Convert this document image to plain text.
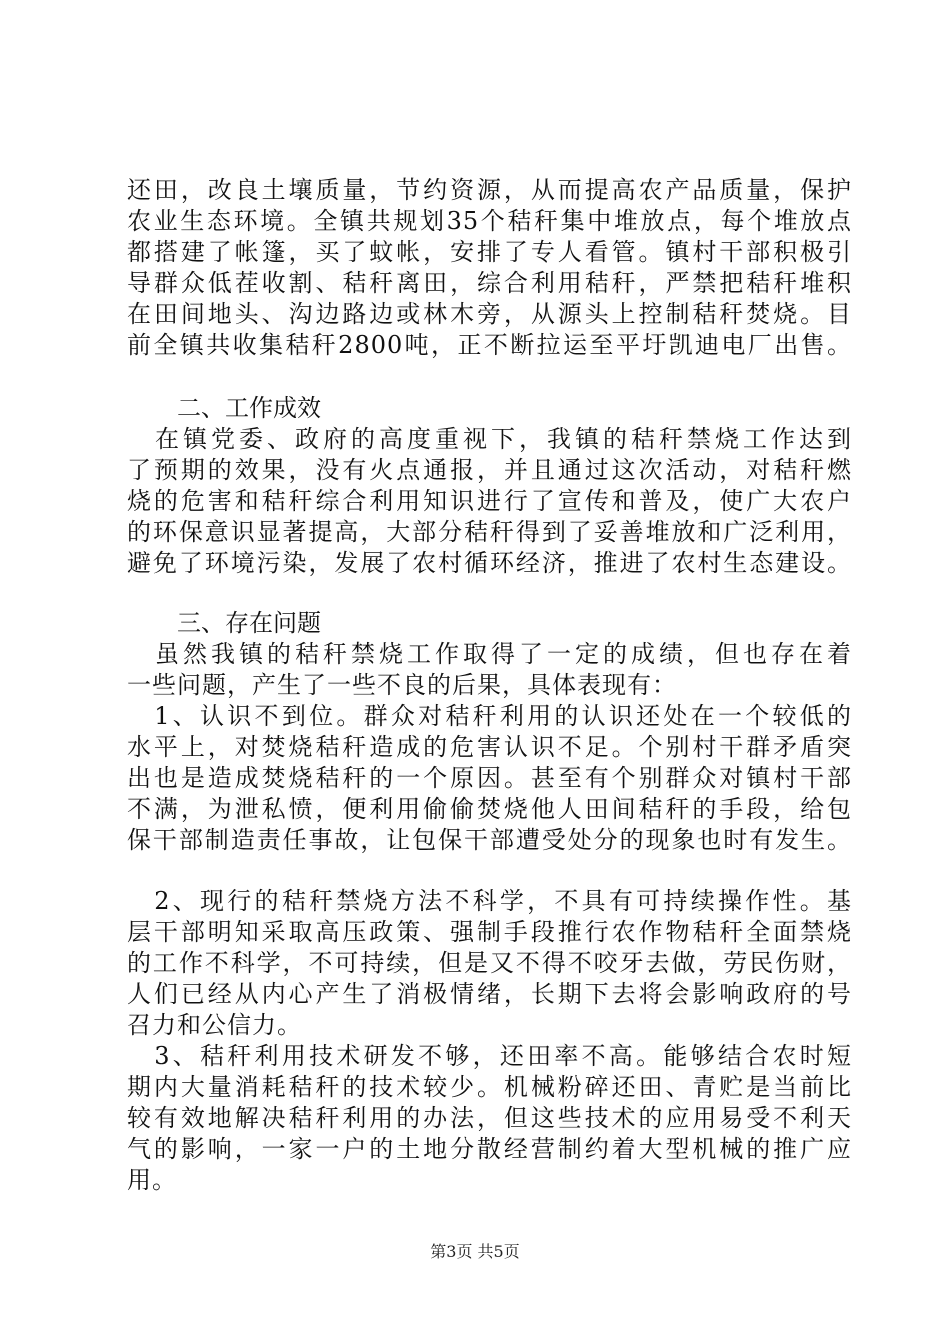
还田，改良土壤质量，节约资源，从而提高农产品质量，保护
农业生态环境。全镇共规划35个秸秆集中堆放点，每个堆放点
都搭建了帐篷，买了蚊帐，安排了专人看管。镇村干部积极引
导群众低茬收割、秸秆离田，综合利用秸秆，严禁把秸秆堆积
在田间地头、沟边路边或林木旁，从源头上控制秸秆焚烧。目
前全镇共收集秸秆2800吨，正不断拉运至平圩凯迪电厂出售。
二、工作成效
　在镇党委、政府的高度重视下，我镇的秸秆禁烧工作达到
了预期的效果，没有火点通报，并且通过这次活动，对秸秆燃
烧的危害和秸秆综合利用知识进行了宣传和普及，使广大农户
的环保意识显著提高，大部分秸秆得到了妥善堆放和广泛利用，
避免了环境污染，发展了农村循环经济，推进了农村生态建设。
三、存在问题
　虽然我镇的秸秆禁烧工作取得了一定的成绩，但也存在着
一些问题，产生了一些不良的后果，具体表现有：
　1、认识不到位。群众对秸秆利用的认识还处在一个较低的
水平上，对焚烧秸秆造成的危害认识不足。个别村干群矛盾突
出也是造成焚烧秸秆的一个原因。甚至有个别群众对镇村干部
不满，为泄私愤，便利用偷偷焚烧他人田间秸秆的手段，给包
保干部制造责任事故，让包保干部遭受处分的现象也时有发生。
　2、现行的秸秆禁烧方法不科学，不具有可持续操作性。基
层干部明知采取高压政策、强制手段推行农作物秸秆全面禁烧
的工作不科学，不可持续，但是又不得不咬牙去做，劳民伤财，
人们已经从内心产生了消极情绪，长期下去将会影响政府的号
召力和公信力。
　3、秸秆利用技术研发不够，还田率不高。能够结合农时短
期内大量消耗秸秆的技术较少。机械粉碎还田、青贮是当前比
较有效地解决秸秆利用的办法，但这些技术的应用易受不利天
气的影响，一家一户的土地分散经营制约着大型机械的推广应
用。
第3页 共5页
